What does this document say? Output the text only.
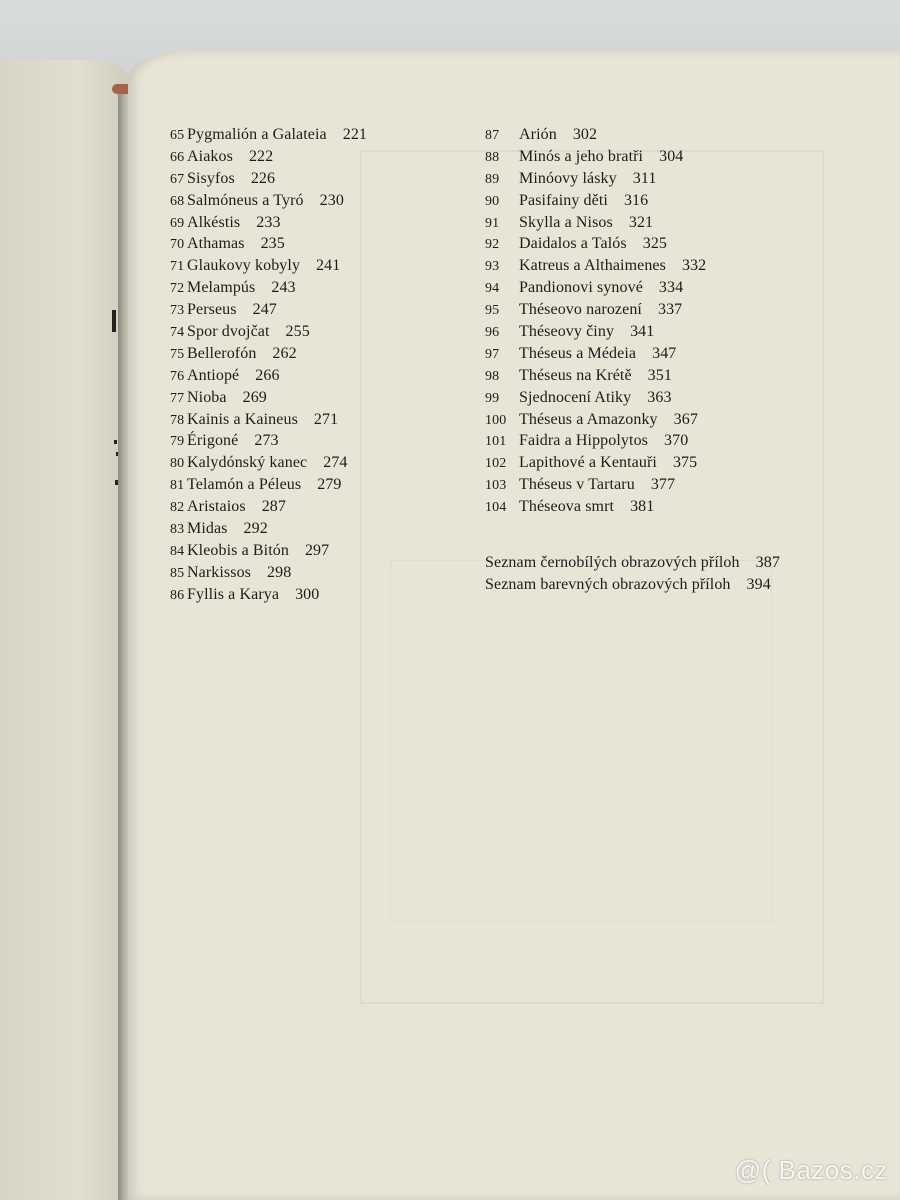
65 Pygmalión a Galateia 221
66 Aiakos 222
67 Sisyfos 226
68 Salmóneus a Tyró 230
69 Alkéstis 233
70 Athamas 235
71 Glaukovy kobyly 241
72 Melampús 243
73 Perseus 247
74 Spor dvojčat 255
75 Bellerofón 262
76 Antiopé 266
77 Nioba 269
78 Kainis a Kaineus 271
79 Érigoné 273
80 Kalydónský kanec 274
81 Telamón a Péleus 279
82 Aristaios 287
83 Midas 292
84 Kleobis a Bitón 297
85 Narkissos 298
86 Fyllis a Karya 300
87 Arión 302
88 Minós a jeho bratři 304
89 Minóovy lásky 311
90 Pasifainy děti 316
91 Skylla a Nisos 321
92 Daidalos a Talós 325
93 Katreus a Althaimenes 332
94 Pandionovi synové 334
95 Théseovo narození 337
96 Théseovy činy 341
97 Théseus a Médeia 347
98 Théseus na Krétě 351
99 Sjednocení Atiky 363
100 Théseus a Amazonky 367
101 Faidra a Hippolytos 370
102 Lapithové a Kentauři 375
103 Théseus v Tartaru 377
104 Théseova smrt 381
Seznam černobílých obrazových příloh 387
Seznam barevných obrazových příloh 394
@( Bazos.cz
